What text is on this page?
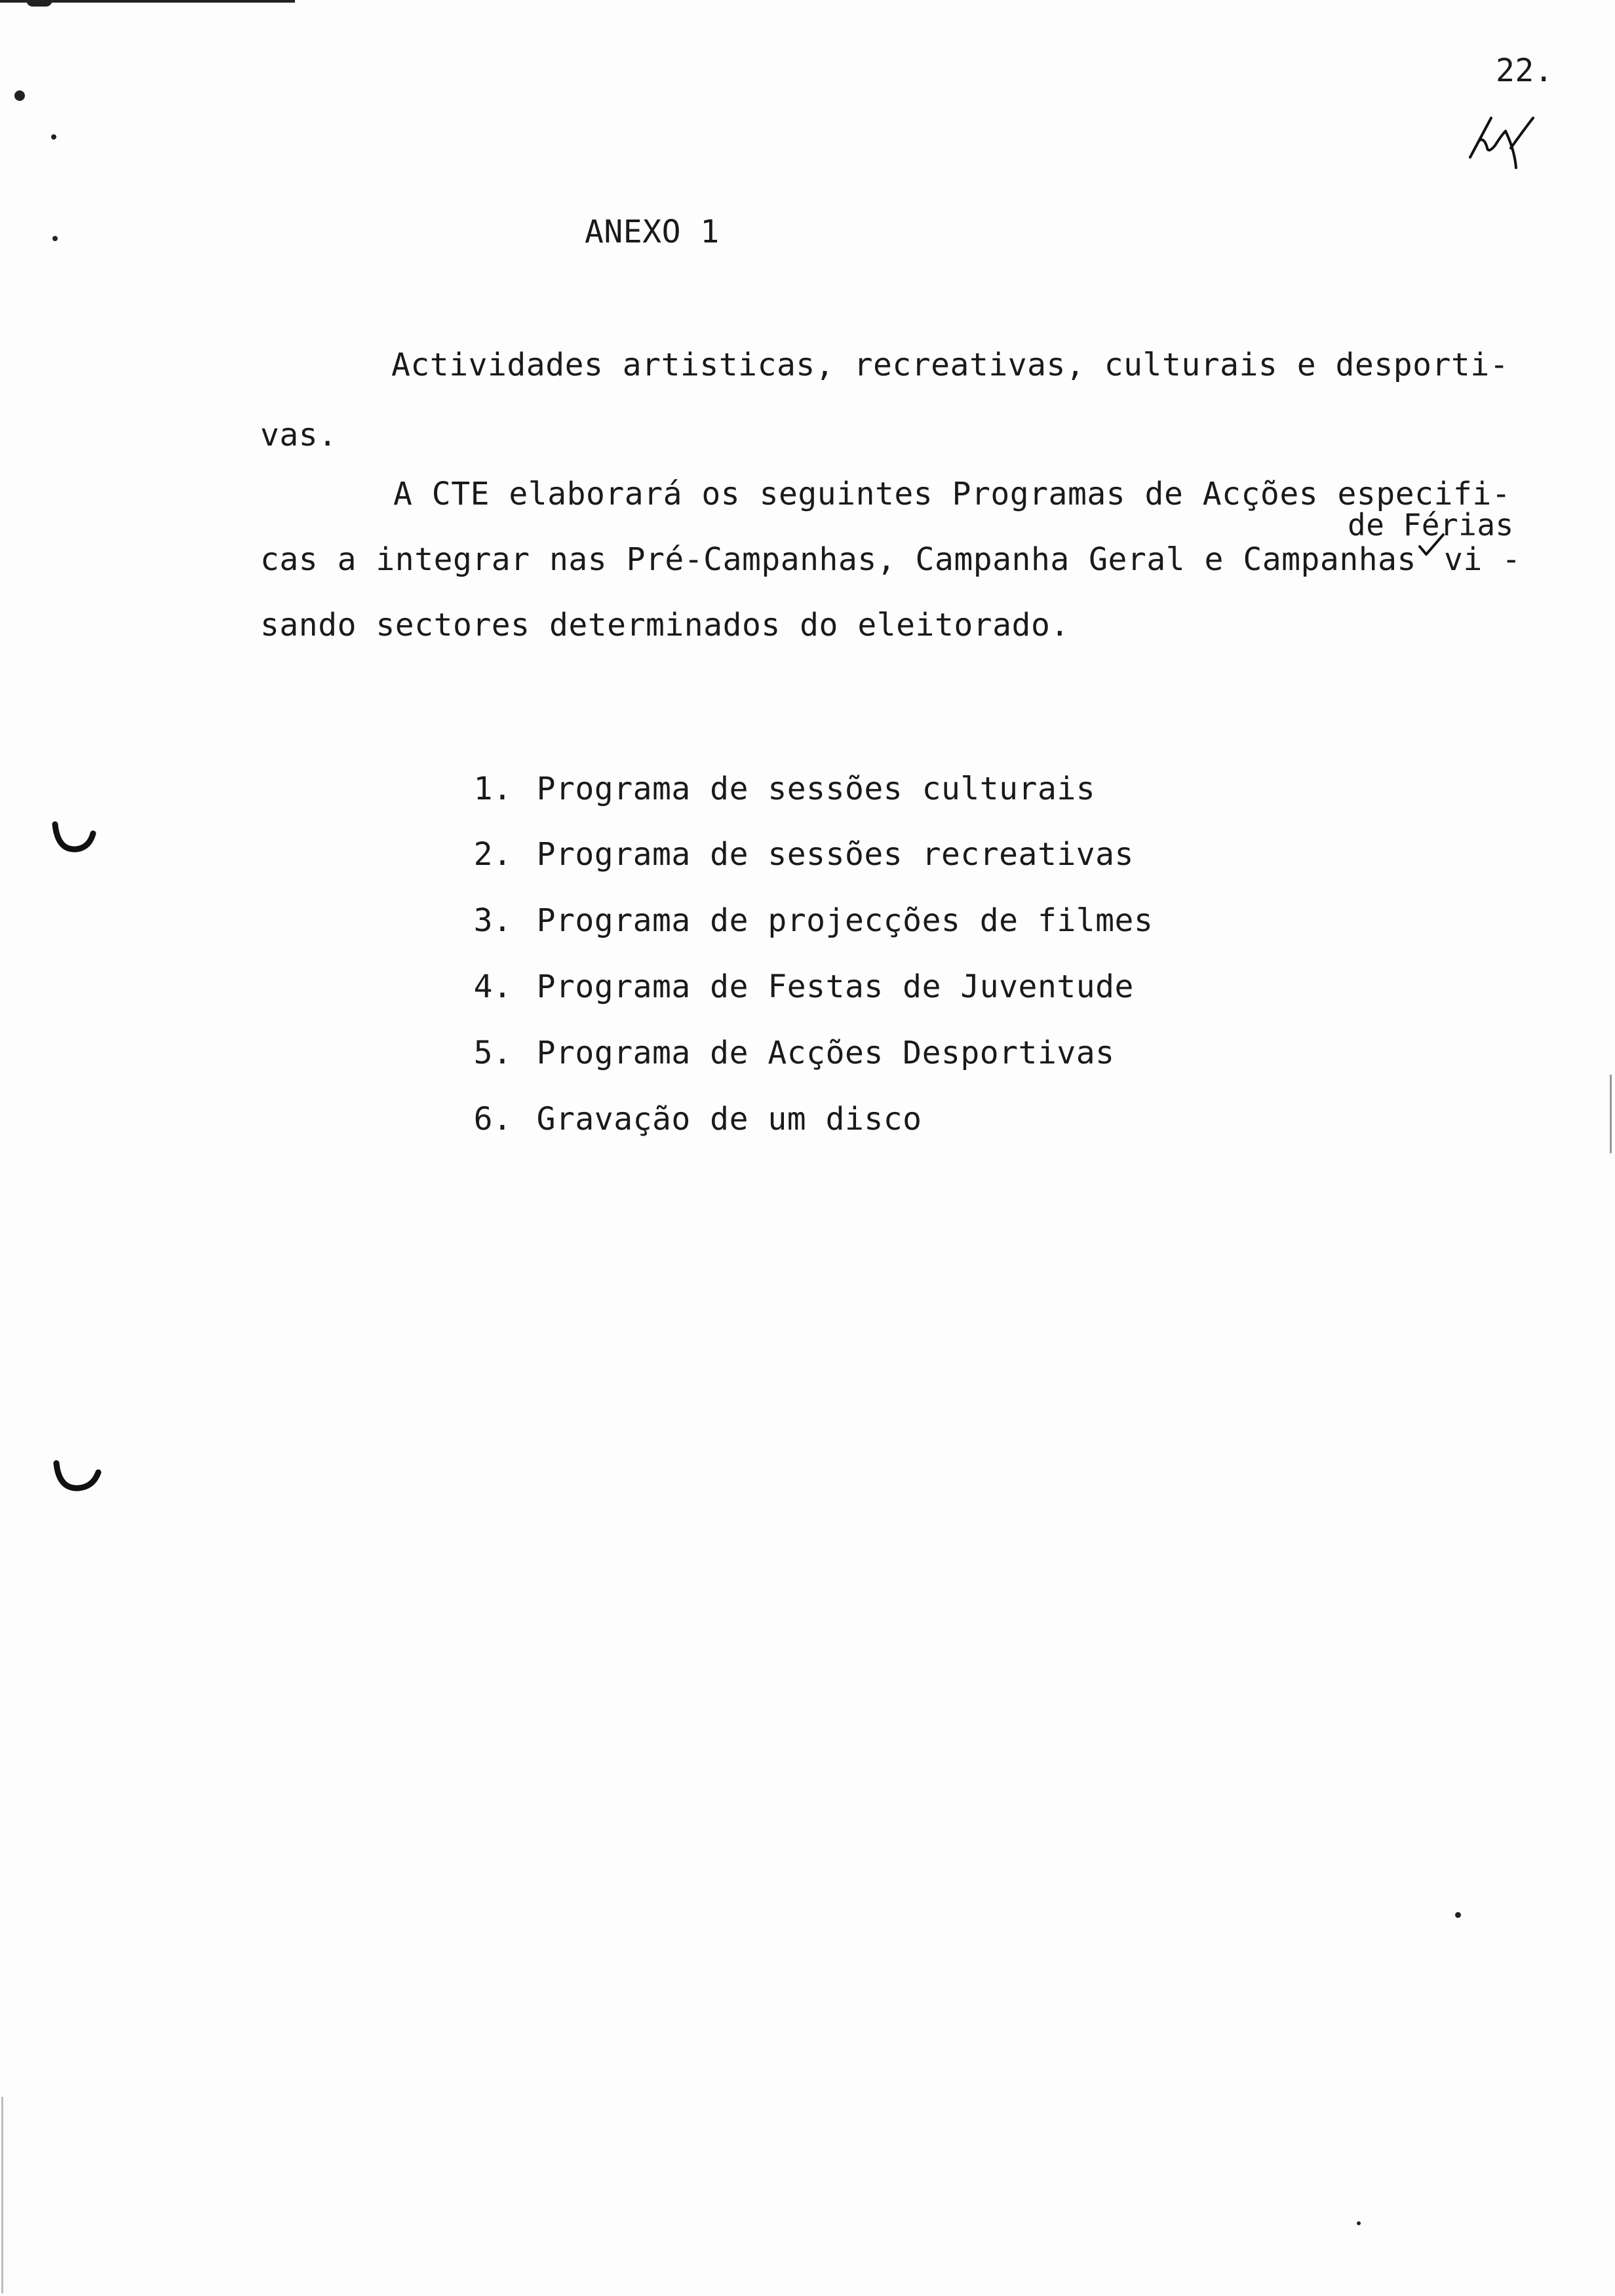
22.
ANEXO 1
Actividades artisticas, recreativas, culturais e desporti-
vas.
A CTE elaborará os seguintes Programas de Acções especifi-
de Férias
cas a integrar nas Pré-Campanhas, Campanha Geral e Campanhas vi -
sando sectores determinados do eleitorado.

1. Programa de sessões culturais

2. Programa de sessões recreativas

3. Programa de projecções de filmes

4. Programa de Festas de Juventude

5. Programa de Acções Desportivas

6. Gravação de um disco
